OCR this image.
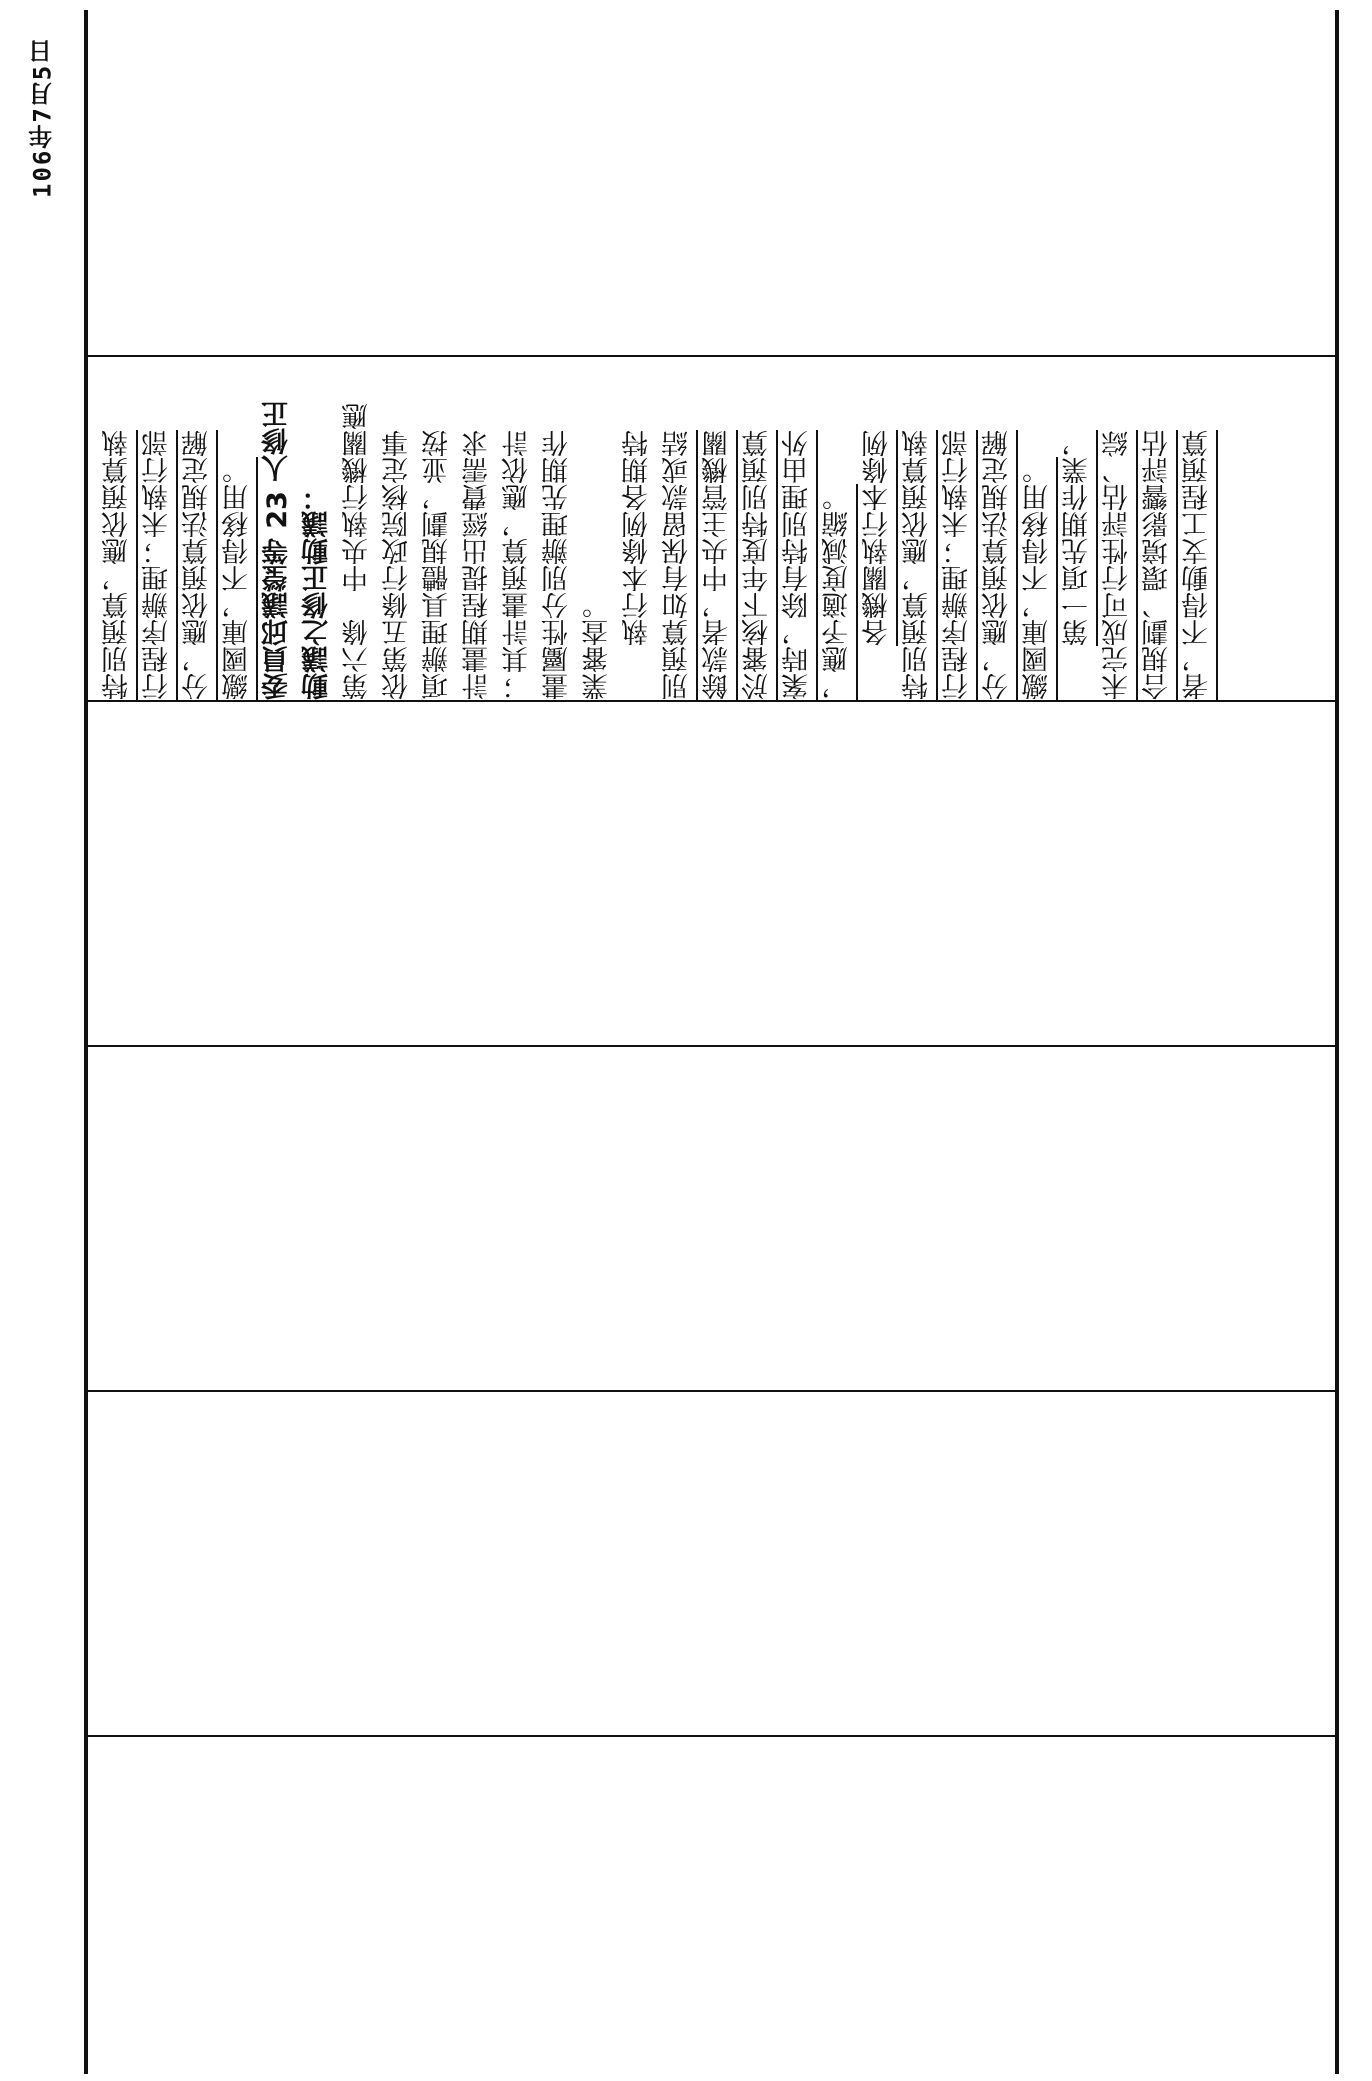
106年7月5日

特別預算，應依預算執 行程序辦理；未執行部 分，應依預算法規定解 繳國庫，不得移用。 委員邱議瑩等 23 人修正 動議之修正動議： 第六條　中央執行機關應 依第五條行政院核定事 項辦理具體規劃，並按 計畫期程提出經費需求 ；其計畫預算，應依計 畫屬性分別辦理先期作 業審查。 執行本條例各期特 別預算如有保留款或結 餘款者，中央主管機關 於審核下年度特別預算 案時，除有特別理由外 ，應予適度減縮。 各機關執行本條例 特別預算，應依預算執 行程序辦理；未執行部 分，應依預算法規定解 繳國庫，不得移用。 第一項先期作業， 未完成可行性評估、綜 合規劃、環境影響評估 者，不得動支工程預算
